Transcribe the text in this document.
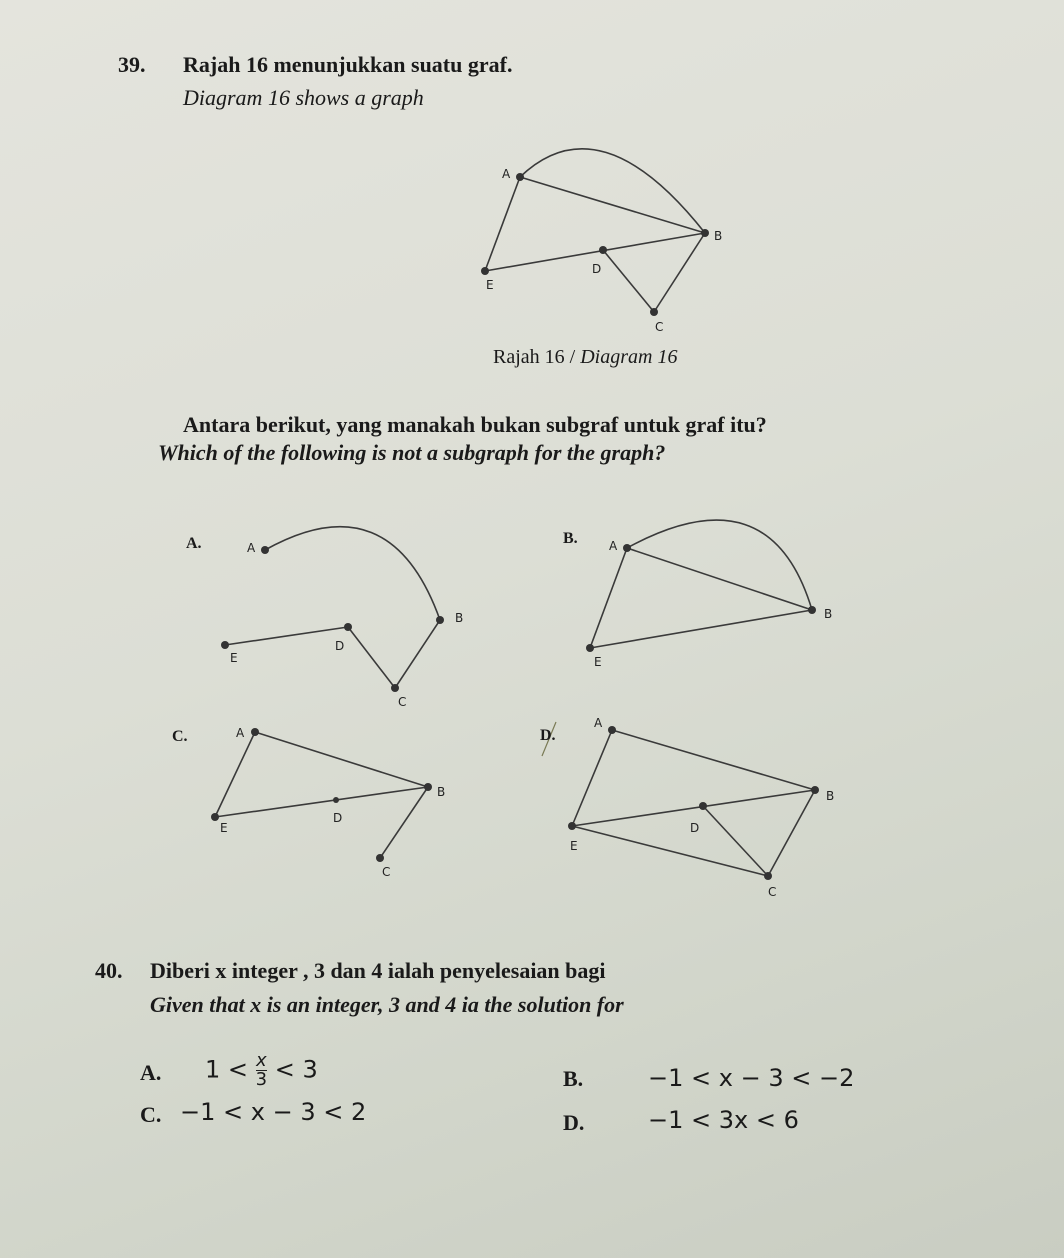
39. Rajah 16 menunjukkan suatu graf.
Diagram 16 shows a graph
A
B
D
E
C
A
B
D
E
C
A
B
E
A
B
D
E
C
A
B
D
E
C
Rajah 16 / Diagram 16
Antara berikut, yang manakah bukan subgraf untuk graf itu?
Which of the following is not a subgraph for the graph?
A.	B.
C.	D.
40. Diberi x integer , 3 dan 4 ialah penyelesaian bagi
Given that x is an integer, 3 and 4 ia the solution for
A. $1 < \frac{x}{3} < 3$	B.	−1 < x − 3 < −2
C. −1 < x − 3 < 2	D.	−1 < 3x < 6
